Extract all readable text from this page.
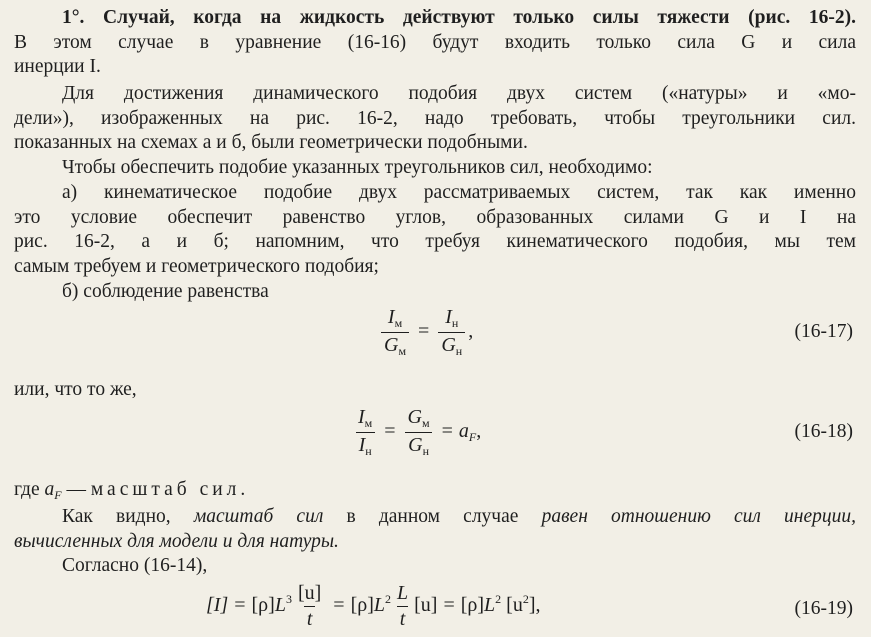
1°. Случай, когда на жидкость действуют только силы тяжести (рис. 16-2).
В этом случае в уравнение (16-16) будут входить только сила G и сила
инерции I.
Для достижения динамического подобия двух систем («натуры» и «мо-
дели»), изображенных на рис. 16-2, надо требовать, чтобы треугольники сил.
показанных на схемах а и б, были геометрически подобными.
Чтобы обеспечить подобие указанных треугольников сил, необходимо:
а) кинематическое подобие двух рассматриваемых систем, так как именно
это условие обеспечит равенство углов, образованных силами G и I на
рис. 16-2, а и б; напомним, что требуя кинематического подобия, мы тем
самым требуем и геометрического подобия;
б) соблюдение равенства
$\frac{I_м}{G_м} = \frac{I_н}{G_н}$ ,	(16-17)
или, что то же,
$\frac{I_м}{I_н} = \frac{G_м}{G_н} = a_F$,	(16-18)
где $a_F$ — масштаб сил.
Как видно, масштаб сил в данном случае равен отношению сил инерции,
вычисленных для модели и для натуры.
Согласно (16-14),
$[I] = [\rho]L^3 \frac{[u]}{t} = [\rho]L^2 \frac{L}{t} [u] = [\rho]L^2$ $[u^2]$,	(16-19)
